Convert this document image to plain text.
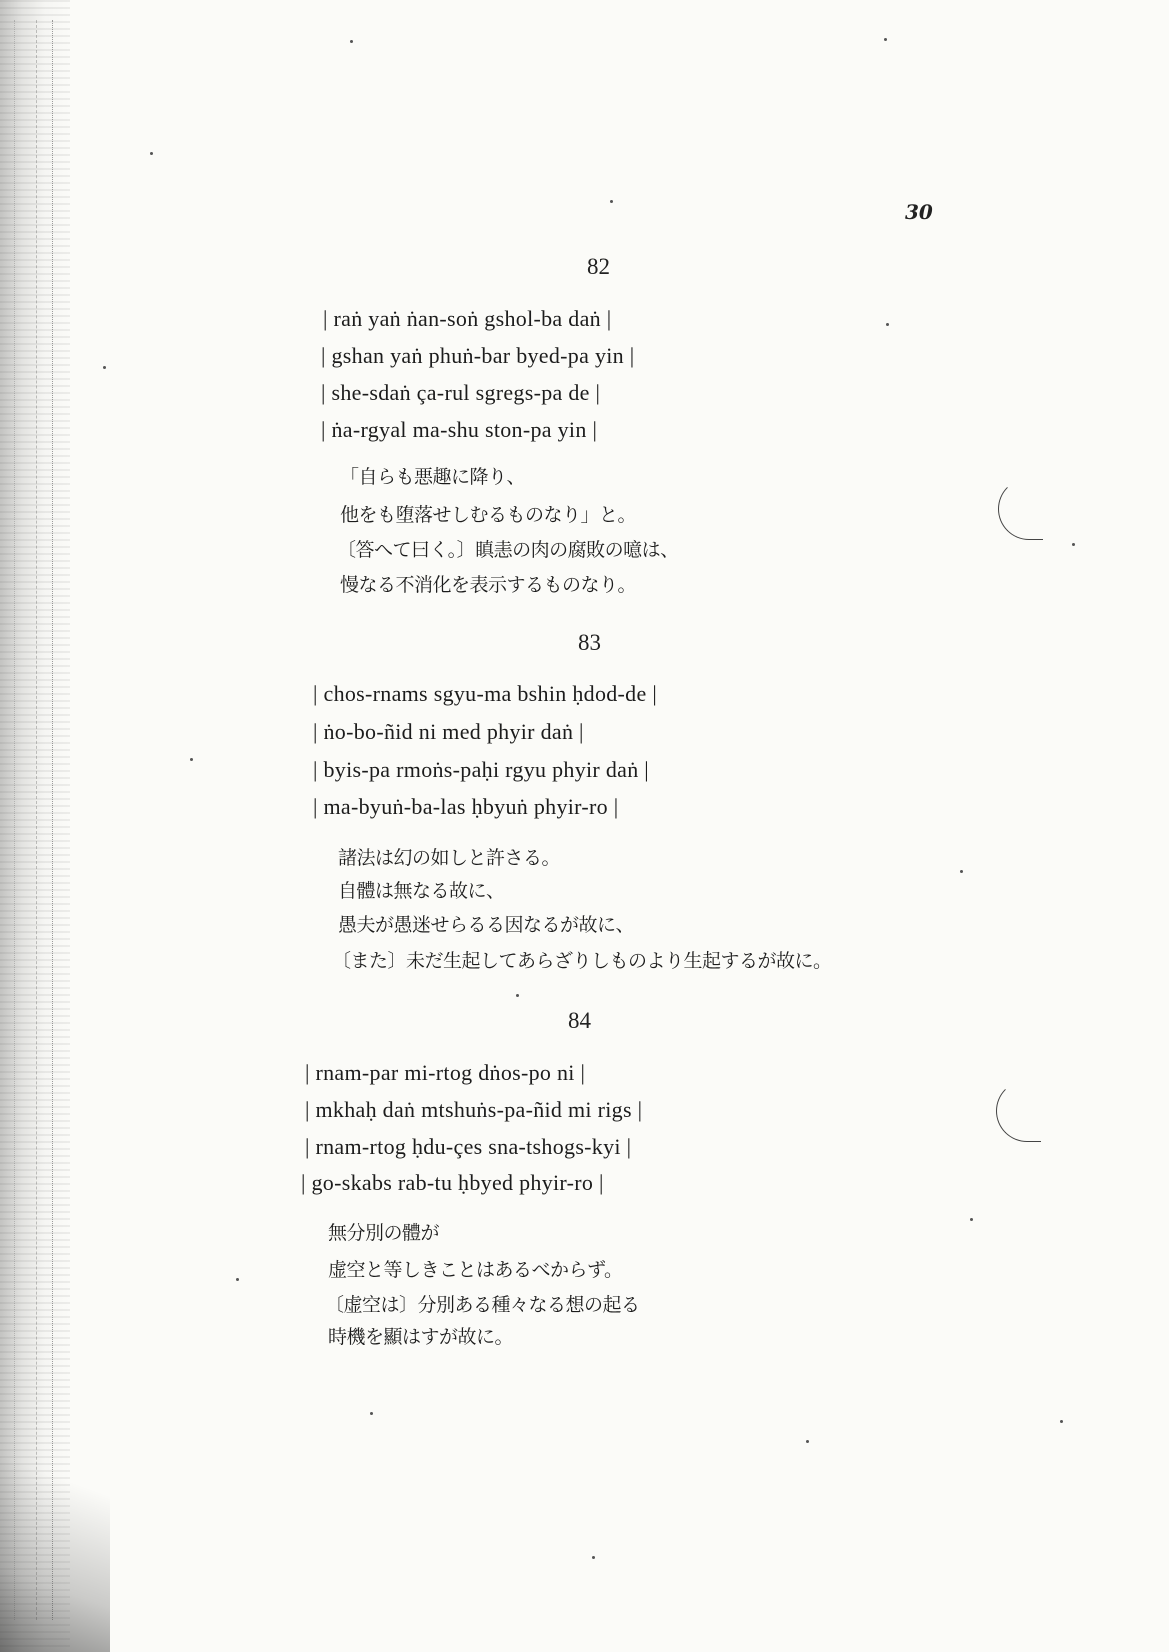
30
82
| raṅ yaṅ ṅan-soṅ gshol-ba daṅ |
| gshan yaṅ phuṅ-bar byed-pa yin |
| she-sdaṅ ça-rul sgregs-pa de |
| ṅa-rgyal ma-shu ston-pa yin |
「自らも悪趣に降り、
他をも堕落せしむるものなり」と。
〔答へて曰く。〕瞋恚の肉の腐敗の噫は、
慢なる不消化を表示するものなり。
83
| chos-rnams sgyu-ma bshin ḥdod-de |
| ṅo-bo-ñid ni med phyir daṅ |
| byis-pa rmoṅs-paḥi rgyu phyir daṅ |
| ma-byuṅ-ba-las ḥbyuṅ phyir-ro |
諸法は幻の如しと許さる。
自體は無なる故に、
愚夫が愚迷せらるる因なるが故に、
〔また〕未だ生起してあらざりしものより生起するが故に。
84
| rnam-par mi-rtog dṅos-po ni |
| mkhaḥ daṅ mtshuṅs-pa-ñid mi rigs |
| rnam-rtog ḥdu-çes sna-tshogs-kyi |
| go-skabs rab-tu ḥbyed phyir-ro |
無分別の體が
虚空と等しきことはあるべからず。
〔虚空は〕分別ある種々なる想の起る
時機を顯はすが故に。
